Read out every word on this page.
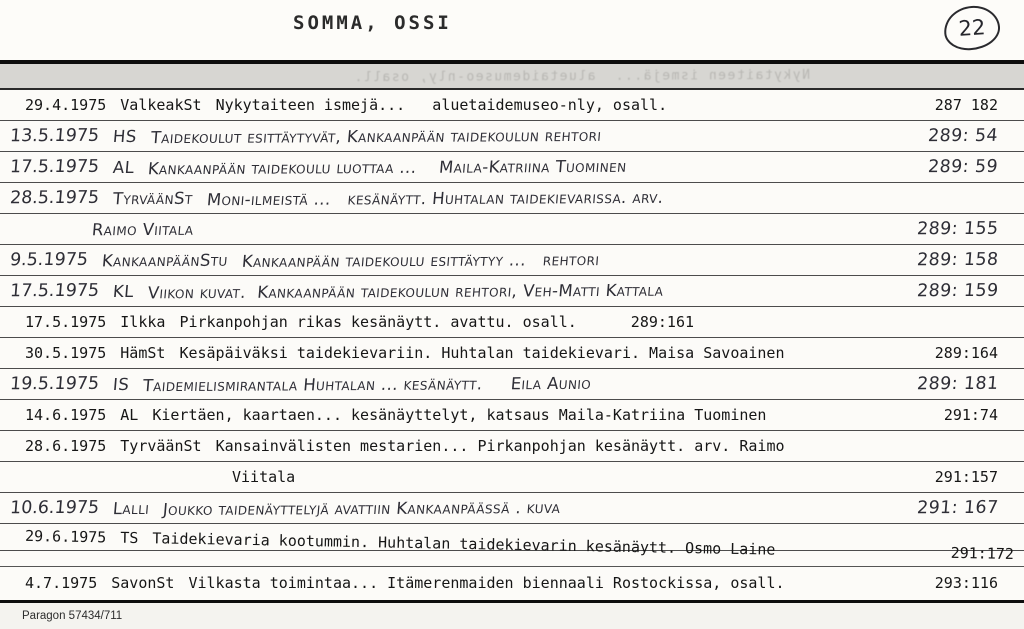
SOMMA, OSSI	22
Nykytaiteen ismejä...  aluetaidemuseo-nly, osall.
29.4.1975 ValkeakSt Nykytaiteen ismejä...   aluetaidemuseo-nly, osall.	287 182
13.5.1975 HS Taidekoulut esittäytyvät, Kankaanpään taidekoulun rehtori	289: 54
17.5.1975 AL Kankaanpään taidekoulu luottaa ...    Maila-Katriina Tuominen	289: 59
28.5.1975 TyrväänSt Moni-ilmeistä ...   kesänäytt. Huhtalan taidekievarissa. arv.
Raimo Viitala	289: 155
9.5.1975 KankaanpäänStu Kankaanpään taidekoulu esittäytyy ...   rehtori	289: 158
17.5.1975 KL Viikon kuvat.  Kankaanpään taidekoulun rehtori, Veh-Matti Kattala	289: 159
17.5.1975 Ilkka Pirkanpohjan rikas kesänäytt. avattu. osall.	289:161
30.5.1975 HämSt Kesäpäiväksi taidekievariin. Huhtalan taidekievari. Maisa Savoainen	289:164
19.5.1975 IS Taidemielismirantala Huhtalan ... kesänäytt.     Eila Aunio	289: 181
14.6.1975 AL Kiertäen, kaartaen... kesänäyttelyt, katsaus Maila-Katriina Tuominen	291:74
28.6.1975 TyrväänSt Kansainvälisten mestarien... Pirkanpohjan kesänäytt. arv. Raimo
Viitala	291:157
10.6.1975 Lalli Joukko taidenäyttelyjä avattiin Kankaanpäässä . kuva	291: 167
29.6.1975 TS Taidekievaria kootummin. Huhtalan taidekievarin kesänäytt. Osmo Laine	291:172
4.7.1975 SavonSt Vilkasta toimintaa... Itämerenmaiden biennaali Rostockissa, osall.	293:116
Paragon 57434/711
